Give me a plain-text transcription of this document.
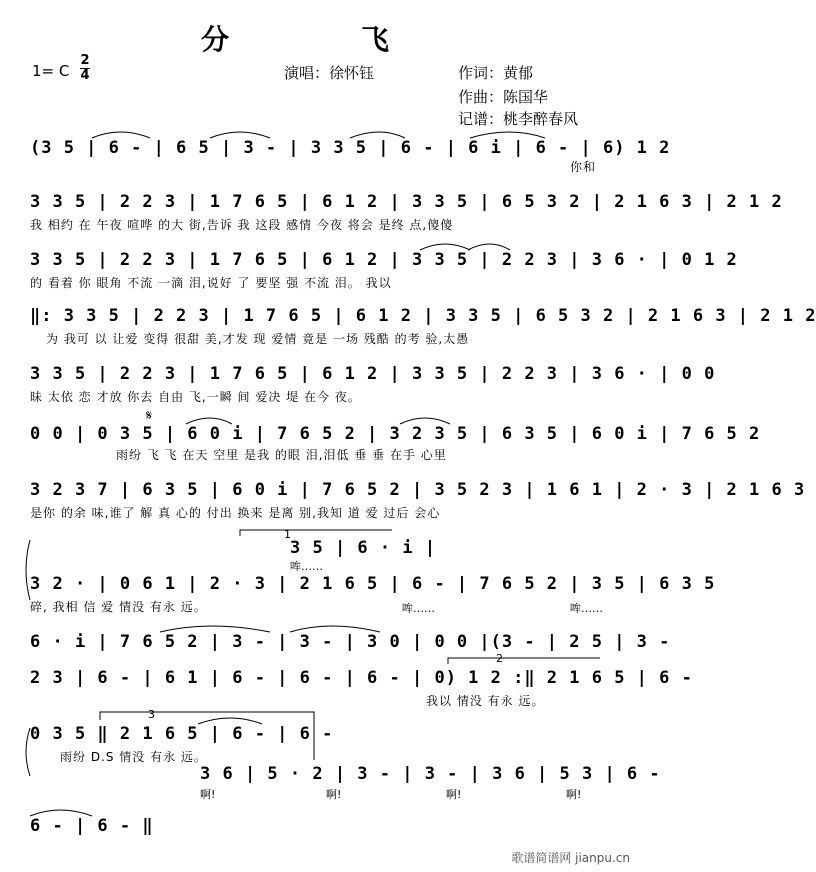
分　飞
1= C
2
4	演唱：徐怀钰	作词：黄郁
作曲：陈国华
记谱：桃李醉春风
(3 5 | 6 - | 6 5 | 3 - | 3 3 5 | 6 - | 6 i | 6 - | 6) 1 2
你和
3 3 5 | 2 2 3 | 1 7 6 5 | 6 1 2 | 3 3 5 | 6 5 3 2 | 2 1 6 3 | 2 1 2
我 相约 在 午夜 喧哗 的大 街,告诉 我 这段 感情 今夜 将会 是终 点,傻傻
3 3 5 | 2 2 3 | 1 7 6 5 | 6 1 2 | 3 3 5 | 2 2 3 | 3 6 · | 0 1 2
的 看着 你 眼角 不流 一滴 泪,说好 了 要坚 强 不流 泪。 我以
‖: 3 3 5 | 2 2 3 | 1 7 6 5 | 6 1 2 | 3 3 5 | 6 5 3 2 | 2 1 6 3 | 2 1 2
为 我可 以 让爱 变得 很甜 美,才发 现 爱情 竟是 一场 残酷 的考 验,太愚
3 3 5 | 2 2 3 | 1 7 6 5 | 6 1 2 | 3 3 5 | 2 2 3 | 3 6 · | 0 0
昧 太依 恋 才放 你去 自由 飞,一瞬 间 爱决 堤 在今 夜。
𝄋
0 0 | 0 3 5 | 6 0 i | 7 6 5 2 | 3 2 3 5 | 6 3 5 | 6 0 i | 7 6 5 2
雨纷 飞 飞 在天 空里 是我 的眼 泪,泪低 垂 垂 在手 心里
3 2 3 7 | 6 3 5 | 6 0 i | 7 6 5 2 | 3 5 2 3 | 1 6 1 | 2 · 3 | 2 1 6 3
是你 的余 味,谁了 解 真 心的 付出 换来 是离 别,我知 道 爱 过后 会心
1
3 5 | 6 · i |
哞……
3 2 · | 0 6 1 | 2 · 3 | 2 1 6 5 | 6 - | 7 6 5 2 | 3 5 | 6 3 5
碎, 我相 信 爱 情没 有永 远。	哞……	哞……
6 · i | 7 6 5 2 | 3 - | 3 - | 3 0 | 0 0 |(3 - | 2 5 | 3 -
2
2 3 | 6 - | 6 1 | 6 - | 6 - | 6 - | 0) 1 2 :‖ 2 1 6 5 | 6 -
我以 情没 有永 远。
3
0 3 5 ‖ 2 1 6 5 | 6 - | 6 -
雨纷 D.S 情没 有永 远。
3 6 | 5 · 2 | 3 - | 3 - | 3 6 | 5 3 | 6 -
啊!	啊!	啊!	啊!
6 - | 6 - ‖
歌谱简谱网 jianpu.cn
